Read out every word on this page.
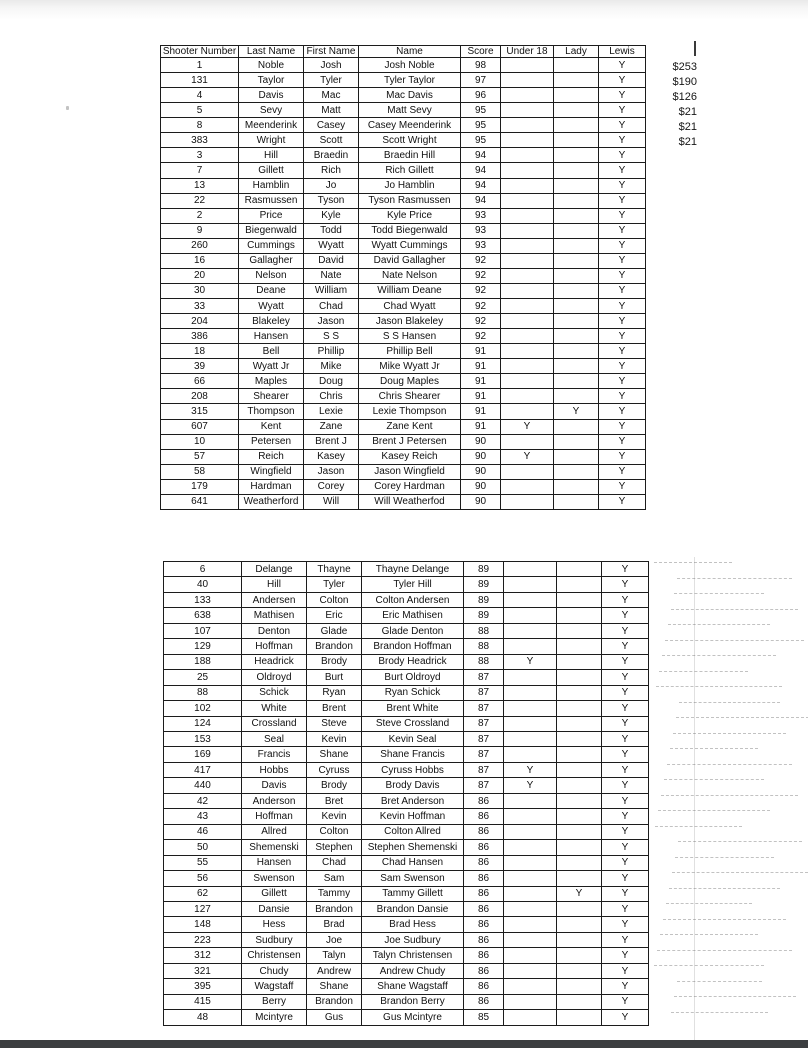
Shooter Number	Last Name	First Name	Name	Score	Under 18	Lady	Lewis
1	Noble	Josh	Josh Noble	98			Y
131	Taylor	Tyler	Tyler Taylor	97			Y
4	Davis	Mac	Mac Davis	96			Y
5	Sevy	Matt	Matt Sevy	95			Y
8	Meenderink	Casey	Casey Meenderink	95			Y
383	Wright	Scott	Scott Wright	95			Y
3	Hill	Braedin	Braedin Hill	94			Y
7	Gillett	Rich	Rich Gillett	94			Y
13	Hamblin	Jo	Jo Hamblin	94			Y
22	Rasmussen	Tyson	Tyson Rasmussen	94			Y
2	Price	Kyle	Kyle Price	93			Y
9	Biegenwald	Todd	Todd Biegenwald	93			Y
260	Cummings	Wyatt	Wyatt Cummings	93			Y
16	Gallagher	David	David Gallagher	92			Y
20	Nelson	Nate	Nate Nelson	92			Y
30	Deane	William	William Deane	92			Y
33	Wyatt	Chad	Chad Wyatt	92			Y
204	Blakeley	Jason	Jason Blakeley	92			Y
386	Hansen	S S	S S Hansen	92			Y
18	Bell	Phillip	Phillip Bell	91			Y
39	Wyatt Jr	Mike	Mike Wyatt Jr	91			Y
66	Maples	Doug	Doug Maples	91			Y
208	Shearer	Chris	Chris Shearer	91			Y
315	Thompson	Lexie	Lexie Thompson	91		Y	Y
607	Kent	Zane	Zane Kent	91	Y		Y
10	Petersen	Brent J	Brent J Petersen	90			Y
57	Reich	Kasey	Kasey Reich	90	Y		Y
58	Wingfield	Jason	Jason Wingfield	90			Y
179	Hardman	Corey	Corey Hardman	90			Y
641	Weatherford	Will	Will Weatherfod	90			Y
$253
$190
$126
$21
$21
$21
6	Delange	Thayne	Thayne Delange	89			Y
40	Hill	Tyler	Tyler Hill	89			Y
133	Andersen	Colton	Colton Andersen	89			Y
638	Mathisen	Eric	Eric Mathisen	89			Y
107	Denton	Glade	Glade Denton	88			Y
129	Hoffman	Brandon	Brandon Hoffman	88			Y
188	Headrick	Brody	Brody Headrick	88	Y		Y
25	Oldroyd	Burt	Burt Oldroyd	87			Y
88	Schick	Ryan	Ryan Schick	87			Y
102	White	Brent	Brent White	87			Y
124	Crossland	Steve	Steve Crossland	87			Y
153	Seal	Kevin	Kevin Seal	87			Y
169	Francis	Shane	Shane Francis	87			Y
417	Hobbs	Cyruss	Cyruss Hobbs	87	Y		Y
440	Davis	Brody	Brody Davis	87	Y		Y
42	Anderson	Bret	Bret Anderson	86			Y
43	Hoffman	Kevin	Kevin Hoffman	86			Y
46	Allred	Colton	Colton Allred	86			Y
50	Shemenski	Stephen	Stephen Shemenski	86			Y
55	Hansen	Chad	Chad Hansen	86			Y
56	Swenson	Sam	Sam Swenson	86			Y
62	Gillett	Tammy	Tammy Gillett	86		Y	Y
127	Dansie	Brandon	Brandon Dansie	86			Y
148	Hess	Brad	Brad Hess	86			Y
223	Sudbury	Joe	Joe Sudbury	86			Y
312	Christensen	Talyn	Talyn Christensen	86			Y
321	Chudy	Andrew	Andrew Chudy	86			Y
395	Wagstaff	Shane	Shane Wagstaff	86			Y
415	Berry	Brandon	Brandon Berry	86			Y
48	Mcintyre	Gus	Gus Mcintyre	85			Y
